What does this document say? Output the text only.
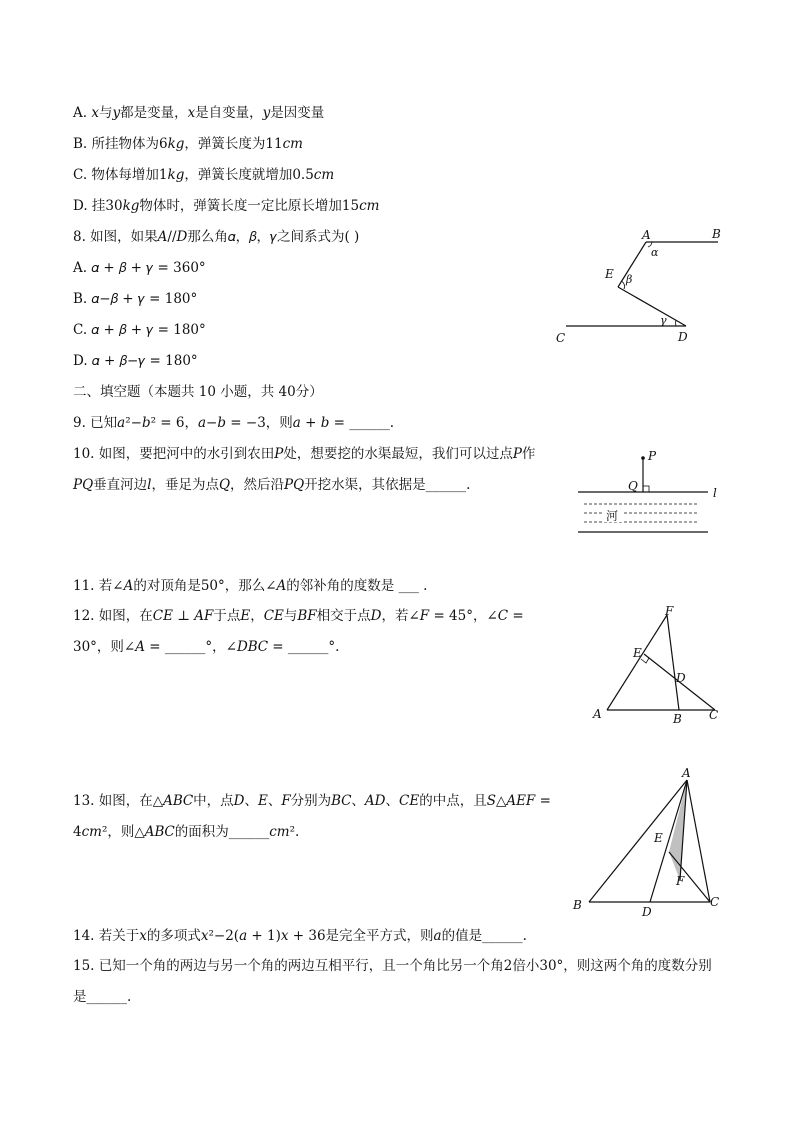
A. 𝑥与𝑦都是变量，𝑥是自变量，𝑦是因变量
B. 所挂物体为6𝑘𝑔，弹簧长度为11𝑐𝑚
C. 物体每增加1𝑘𝑔，弹簧长度就增加0.5𝑐𝑚
D. 挂30𝑘𝑔物体时，弹簧长度一定比原长增加15𝑐𝑚
8. 如图，如果𝐴//𝐷那么角𝛼，𝛽，𝛾之间系式为( )
A. 𝛼 + 𝛽 + 𝛾 = 360°
B. 𝛼−𝛽 + 𝛾 = 180°
C. 𝛼 + 𝛽 + 𝛾 = 180°
D. 𝛼 + 𝛽−𝛾 = 180°
A	B
E
C	D
α
β
γ
二、填空题（本题共 10 小题，共 40分）
9. 已知𝑎²−𝑏² = 6，𝑎−𝑏 = −3，则𝑎 + 𝑏 = ______.
10. 如图，要把河中的水引到农田𝑃处，想要挖的水渠最短，我们可以过点𝑃作𝑃𝑄垂直河边𝑙，垂足为点𝑄，然后沿𝑃𝑄开挖水渠，其依据是______.
P
Q	l
河
11. 若∠𝐴的对顶角是50°，那么∠𝐴的邻补角的度数是 ___ .
12. 如图，在𝐶𝐸 ⊥ 𝐴𝐹于点𝐸，𝐶𝐸与𝐵𝐹相交于点𝐷，若∠𝐹 = 45°，∠𝐶 = 30°，则∠𝐴 = ______°，∠𝐷𝐵𝐶 = ______°.
F
E
D
A	B C
13. 如图，在△𝐴𝐵𝐶中，点𝐷、𝐸、𝐹分别为𝐵𝐶、𝐴𝐷、𝐶𝐸的中点，且𝑆△𝐴𝐸𝐹 = 4𝑐𝑚²，则△𝐴𝐵𝐶的面积为______𝑐𝑚².
A
E
F
B	D
C
14. 若关于𝑥的多项式𝑥²−2(𝑎 + 1)𝑥 + 36是完全平方式，则𝑎的值是______.
15. 已知一个角的两边与另一个角的两边互相平行，且一个角比另一个角2倍小30°，则这两个角的度数分别是______.
